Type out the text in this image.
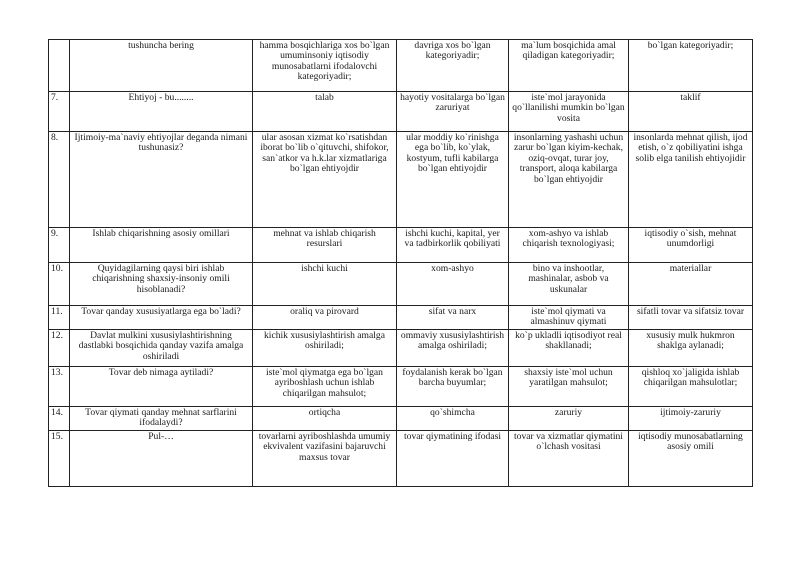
	tushuncha bering	hamma bosqichlariga xos bo`lgan umuminsoniy iqtisodiy munosabatlarni ifodalovchi kategoriyadir;	davriga xos bo`lgan kategoriyadir;	ma`lum bosqichida amal qiladigan kategoriyadir;	bo`lgan kategoriyadir;
7.	Ehtiyoj - bu........	talab	hayotiy vositalarga bo`lgan zaruriyat	iste`mol jarayonida qo`llanilishi mumkin bo`lgan vosita	taklif
8.	Ijtimoiy-ma`naviy ehtiyojlar deganda nimani tushunasiz?	ular asosan xizmat ko`rsatishdan iborat bo`lib o`qituvchi, shifokor, san`atkor va h.k.lar xizmatlariga bo`lgan ehtiyojdir	ular moddiy ko`rinishga ega bo`lib, ko`ylak, kostyum, tufli kabilarga bo`lgan ehtiyojdir	insonlarning yashashi uchun zarur bo`lgan kiyim-kechak, oziq-ovqat, turar joy, transport, aloqa kabilarga bo`lgan ehtiyojdir	insonlarda mehnat qilish, ijod etish, o`z qobiliyatini ishga solib elga tanilish ehtiyojidir
9.	Ishlab chiqarishning asosiy omillari	mehnat va ishlab chiqarish resurslari	ishchi kuchi, kapital, yer va tadbirkorlik qobiliyati	xom-ashyo va ishlab chiqarish texnologiyasi;	iqtisodiy o`sish, mehnat unumdorligi
10.	Quyidagilarning qaysi biri ishlab chiqarishning shaxsiy-insoniy omili hisoblanadi?	ishchi kuchi	xom-ashyo	bino va inshootlar, mashinalar, asbob va uskunalar	materiallar
11.	Tovar qanday xususiyatlarga ega bo`ladi?	oraliq va pirovard	sifat va narx	iste`mol qiymati va almashinuv qiymati	sifatli tovar va sifatsiz tovar
12.	Davlat mulkini xususiylashtirishning dastlabki bosqichida qanday vazifa amalga oshiriladi	kichik xususiylashtirish amalga oshiriladi;	ommaviy xususiylashtirish amalga oshiriladi;	ko`p ukladli iqtisodiyot real shakllanadi;	xususiy mulk hukmron shaklga aylanadi;
13.	Tovar deb nimaga aytiladi?	iste`mol qiymatga ega bo`lgan ayriboshlash uchun ishlab chiqarilgan mahsulot;	foydalanish kerak bo`lgan barcha buyumlar;	shaxsiy iste`mol uchun yaratilgan mahsulot;	qishloq xo`jaligida ishlab chiqarilgan mahsulotlar;
14.	Tovar qiymati qanday mehnat sarflarini ifodalaydi?	ortiqcha	qo`shimcha	zaruriy	ijtimoiy-zaruriy
15.	Pul-…	tovarlarni ayriboshlashda umumiy ekvivalent vazifasini bajaruvchi maxsus tovar	tovar qiymatining ifodasi	tovar va xizmatlar qiymatini o`lchash vositasi	iqtisodiy munosabatlarning asosiy omili
